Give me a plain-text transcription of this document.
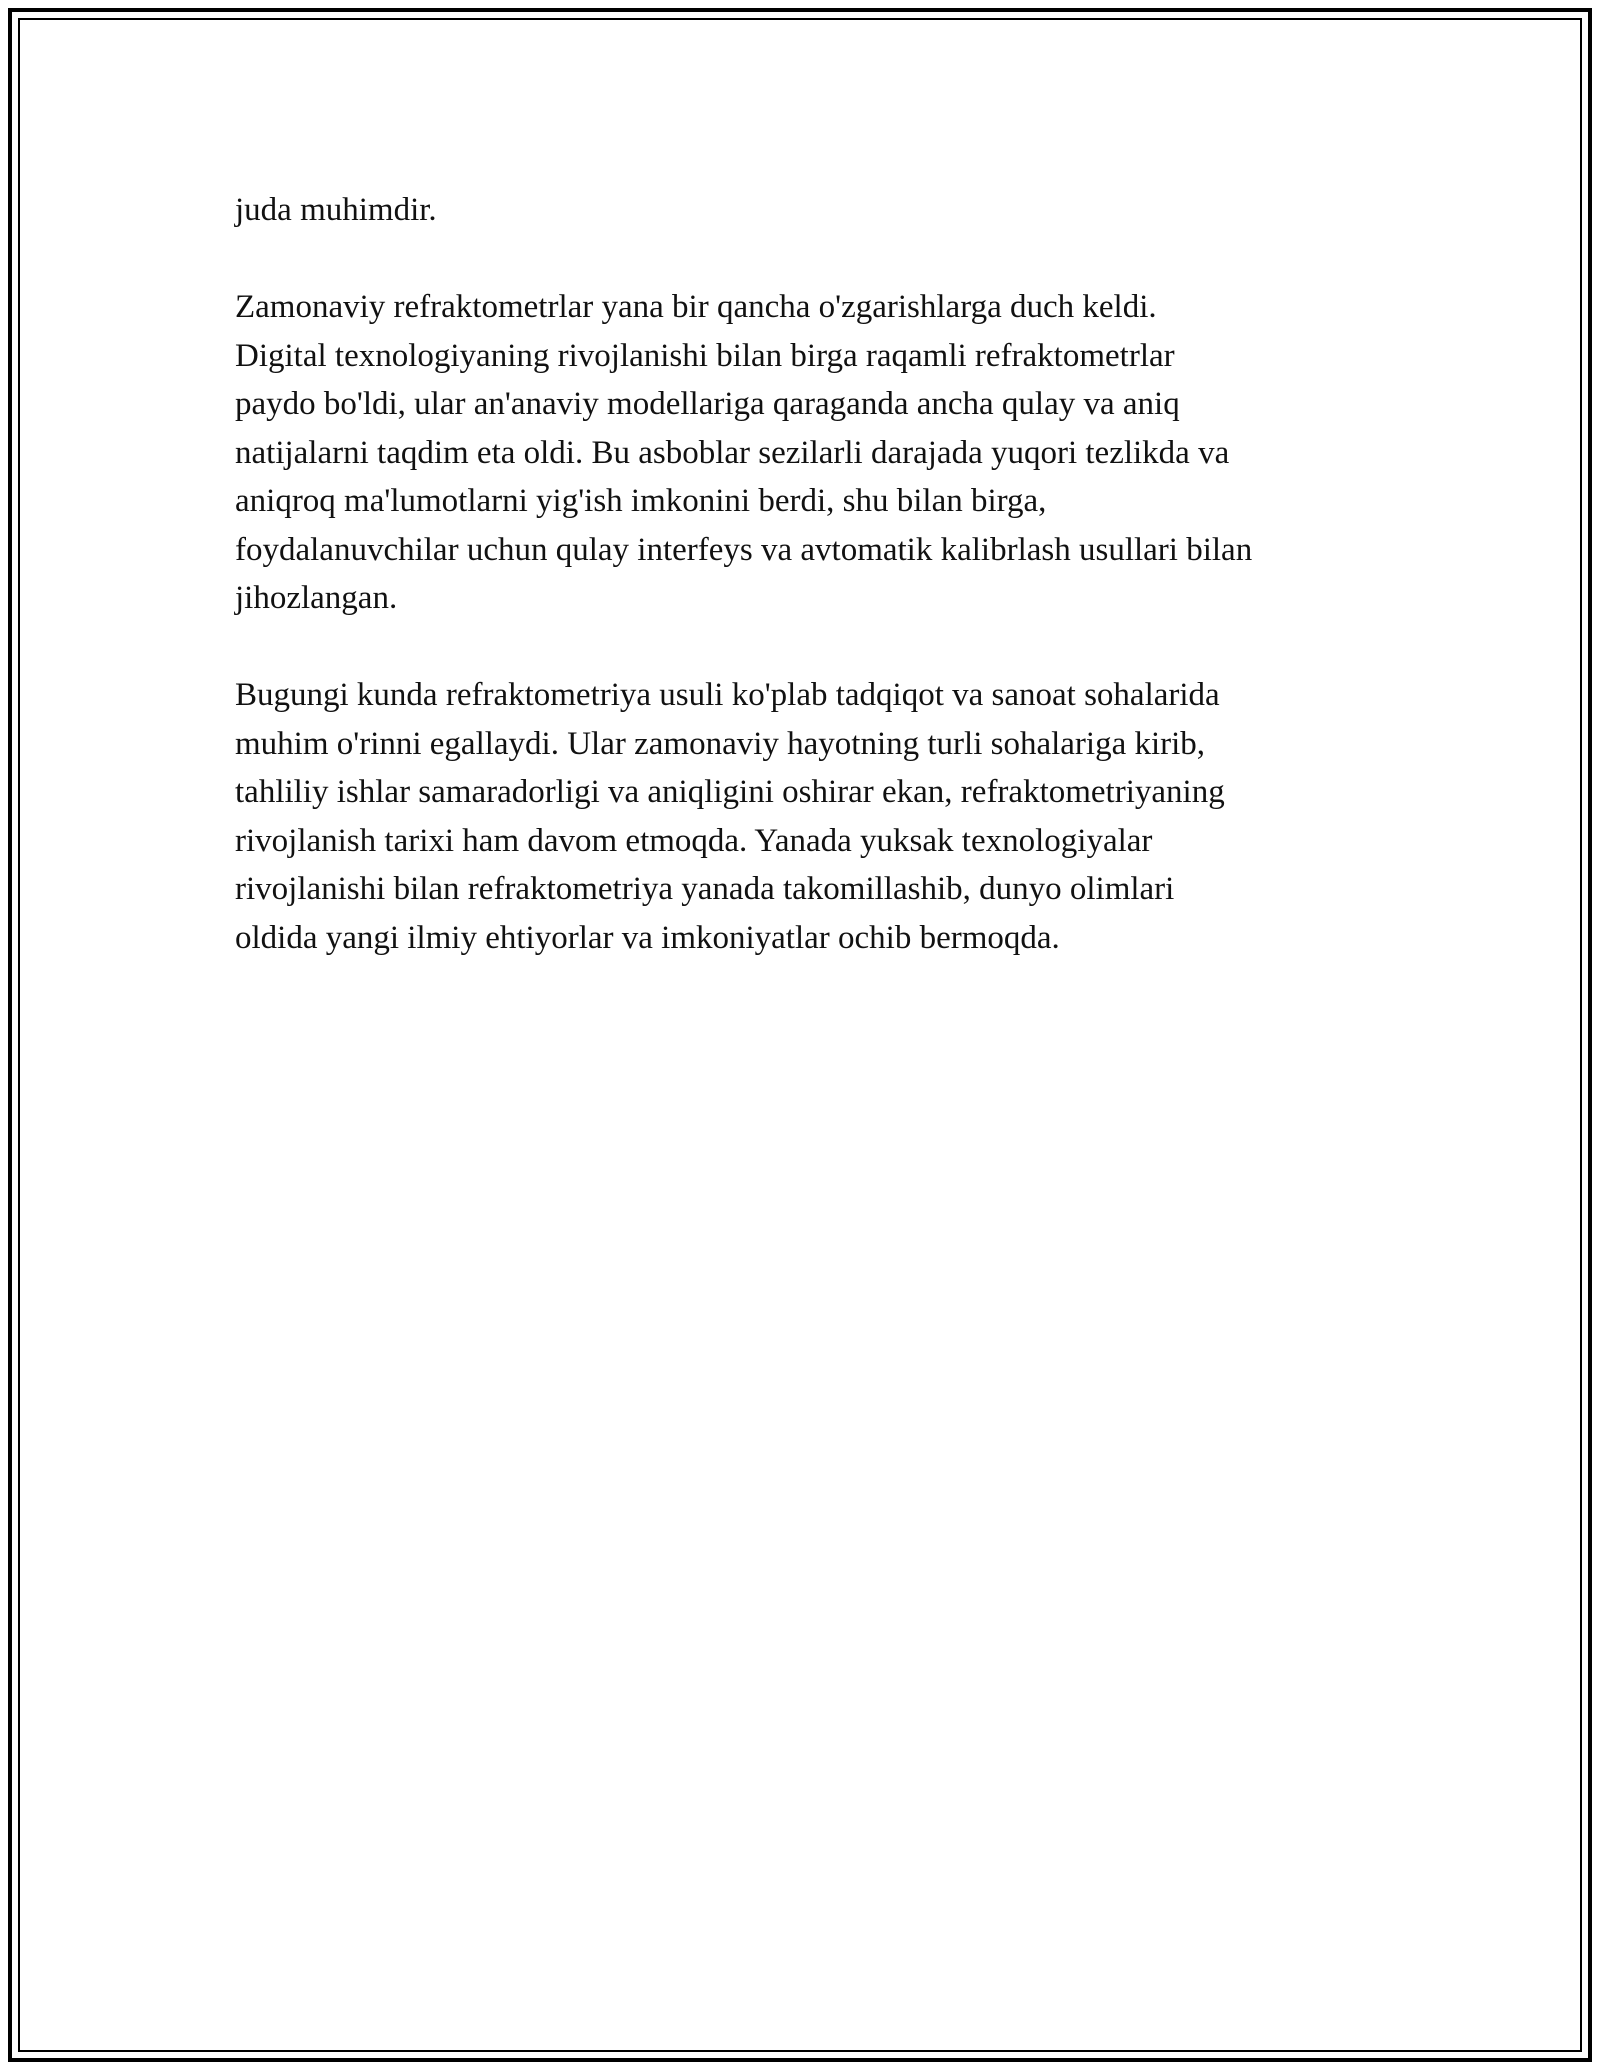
juda muhimdir.

Zamonaviy refraktometrlar yana bir qancha o'zgarishlarga duch keldi.
Digital texnologiyaning rivojlanishi bilan birga raqamli refraktometrlar
paydo bo'ldi, ular an'anaviy modellariga qaraganda ancha qulay va aniq
natijalarni taqdim eta oldi. Bu asboblar sezilarli darajada yuqori tezlikda va
aniqroq ma'lumotlarni yig'ish imkonini berdi, shu bilan birga,
foydalanuvchilar uchun qulay interfeys va avtomatik kalibrlash usullari bilan
jihozlangan.

Bugungi kunda refraktometriya usuli ko'plab tadqiqot va sanoat sohalarida
muhim o'rinni egallaydi. Ular zamonaviy hayotning turli sohalariga kirib,
tahliliy ishlar samaradorligi va aniqligini oshirar ekan, refraktometriyaning
rivojlanish tarixi ham davom etmoqda. Yanada yuksak texnologiyalar
rivojlanishi bilan refraktometriya yanada takomillashib, dunyo olimlari
oldida yangi ilmiy ehtiyorlar va imkoniyatlar ochib bermoqda.
